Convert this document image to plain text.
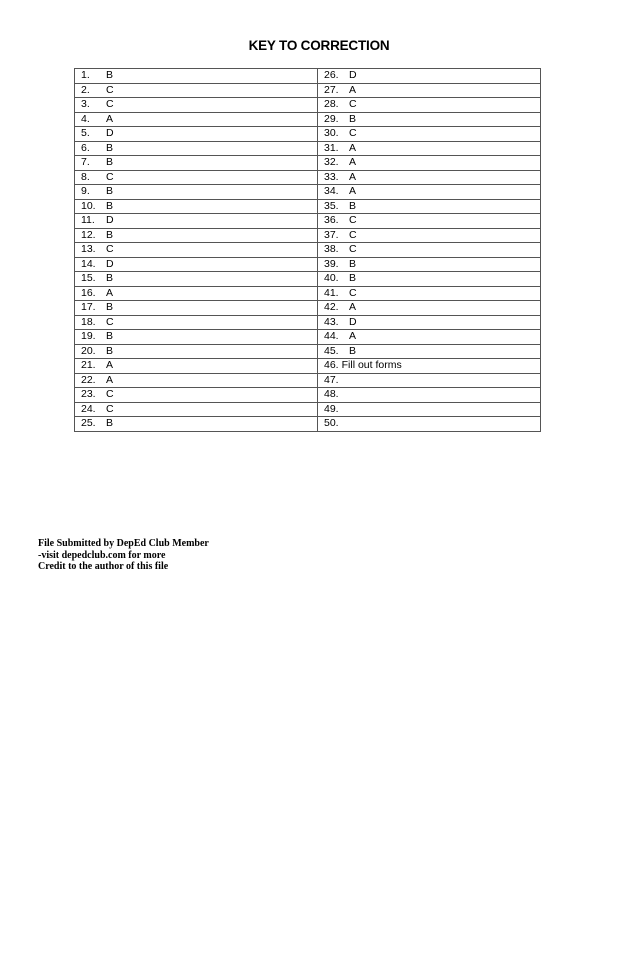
KEY TO CORRECTION
1. B	26. D
2. C	27. A
3. C	28. C
4. A	29. B
5. D	30. C
6. B	31. A
7. B	32. A
8. C	33. A
9. B	34. A
10. B	35. B
11. D	36. C
12. B	37. C
13. C	38. C
14. D	39. B
15. B	40. B
16. A	41. C
17. B	42. A
18. C	43. D
19. B	44. A
20. B	45. B
21. A	46. Fill out forms
22. A	47.
23. C	48.
24. C	49.
25. B	50.
File Submitted by DepEd Club Member
-visit depedclub.com for more
Credit to the author of this file
